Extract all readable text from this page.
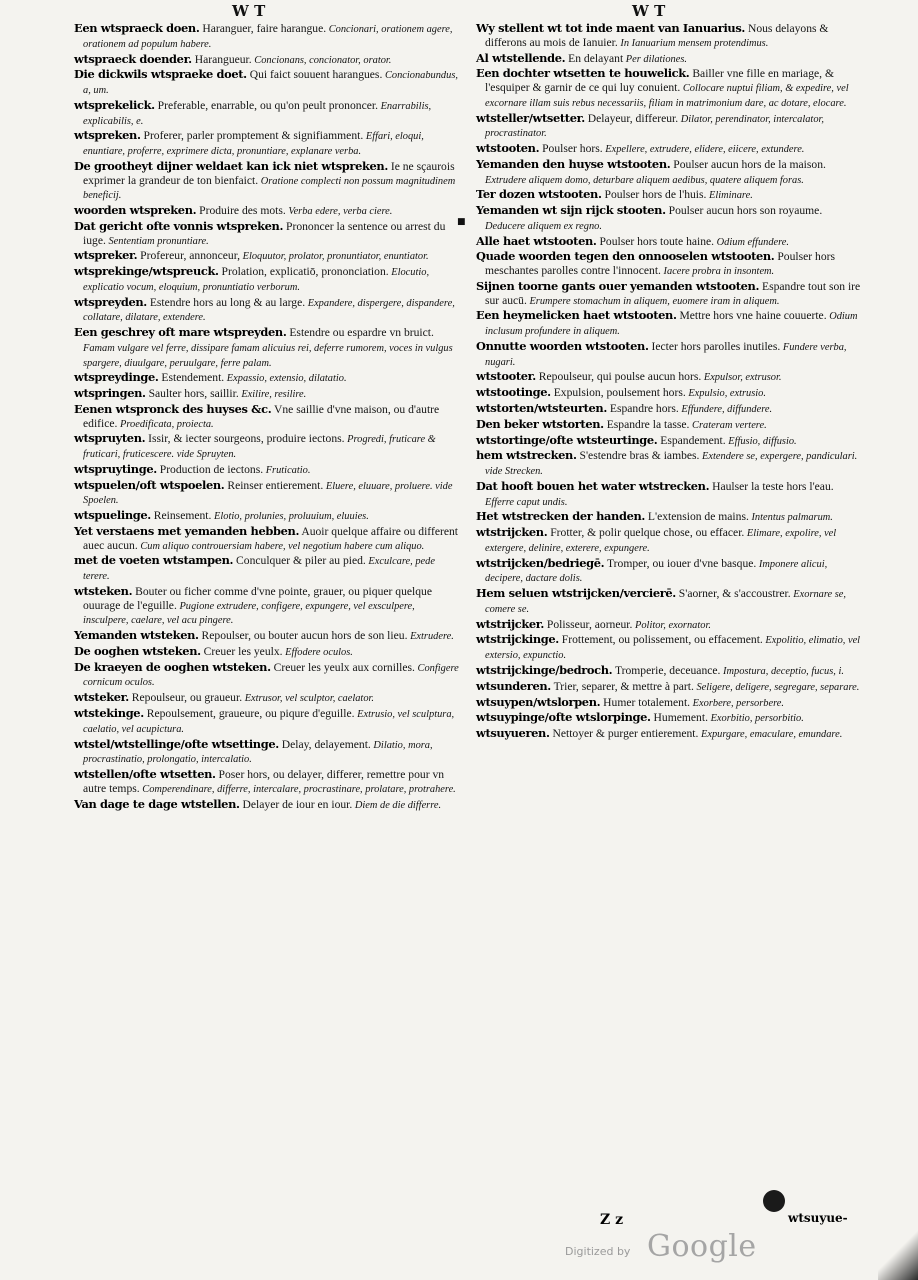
W T	W T
Een wtspraeck doen. Haranguer, faire harangue. Concionari, orationem agere, orationem ad populum habere.
wtspraeck doender. Harangueur. Concionans, concionator, orator.
Die dickwils wtspraeke doet. Qui faict souuent harangues. Concionabundus, a, um.
wtsprekelick. Preferable, enarrable, ou qu'on peult prononcer. Enarrabilis, explicabilis, e.
wtspreken. Proferer, parler promptement & signifiamment. Effari, eloqui, enuntiare, proferre, exprimere dicta, pronuntiare, explanare verba.
De grootheyt dijner weldaet kan ick niet wtspreken. Ie ne sçaurois exprimer la grandeur de ton bienfaict. Oratione complecti non possum magnitudinem beneficij.
woorden wtspreken. Produire des mots. Verba edere, verba ciere.
Dat gericht ofte vonnis wtspreken. Prononcer la sentence ou arrest du iuge. Sententiam pronuntiare.
wtspreker. Profereur, annonceur, Eloquutor, prolator, pronuntiator, enuntiator.
wtsprekinge/wtspreuck. Prolation, explicatiō, prononciation. Elocutio, explicatio vocum, eloquium, pronuntiatio verborum.
wtspreyden. Estendre hors au long & au large. Expandere, dispergere, dispandere, collatare, dilatare, extendere.
Een geschrey oft mare wtspreyden. Estendre ou espardre vn bruict. Famam vulgare vel ferre, dissipare famam alicuius rei, deferre rumorem, voces in vulgus spargere, diuulgare, peruulgare, ferre palam.
wtspreydinge. Estendement. Expassio, extensio, dilatatio.
wtspringen. Saulter hors, saillir. Exilire, resilire.
Eenen wtspronck des huyses &c. Vne saillie d'vne maison, ou d'autre edifice. Proedificata, proiecta.
wtspruyten. Issir, & iecter sourgeons, produire iectons. Progredi, fruticare & fruticari, fruticescere. vide Spruyten.
wtspruytinge. Production de iectons. Fruticatio.
wtspuelen/oft wtspoelen. Reinser entierement. Eluere, eluuare, proluere. vide Spoelen.
wtspuelinge. Reinsement. Elotio, prolunies, proluuium, eluuies.
Yet verstaens met yemanden hebben. Auoir quelque affaire ou different auec aucun. Cum aliquo controuersiam habere, vel negotium habere cum aliquo.
met de voeten wtstampen. Conculquer & piler au pied. Exculcare, pede terere.
wtsteken. Bouter ou ficher comme d'vne pointe, grauer, ou piquer quelque ouurage de l'eguille. Pugione extrudere, configere, expungere, vel exsculpere, insculpere, caelare, vel acu pingere.
Yemanden wtsteken. Repoulser, ou bouter aucun hors de son lieu. Extrudere.
De ooghen wtsteken. Creuer les yeulx. Effodere oculos.
De kraeyen de ooghen wtsteken. Creuer les yeulx aux cornilles. Configere cornicum oculos.
wtsteker. Repoulseur, ou graueur. Extrusor, vel sculptor, caelator.
wtstekinge. Repoulsement, graueure, ou piqure d'eguille. Extrusio, vel sculptura, caelatio, vel acupictura.
wtstel/wtstellinge/ofte wtsettinge. Delay, delayement. Dilatio, mora, procrastinatio, prolongatio, intercalatio.
wtstellen/ofte wtsetten. Poser hors, ou delayer, differer, remettre pour vn autre temps. Comperendinare, differre, intercalare, procrastinare, prolatare, protrahere.
Van dage te dage wtstellen. Delayer de iour en iour. Diem de die differre.
Wy stellent wt tot inde maent van Ianuarius. Nous delayons & differons au mois de Ianuier. In Ianuarium mensem protendimus.
Al wtstellende. En delayant Per dilationes.
Een dochter wtsetten te houwelick. Bailler vne fille en mariage, & l'esquiper & garnir de ce qui luy conuient. Collocare nuptui filiam, & expedire, vel excornare illam suis rebus necessariis, filiam in matrimonium dare, ac dotare, elocare.
wtsteller/wtsetter. Delayeur, differeur. Dilator, perendinator, intercalator, procrastinator.
wtstooten. Poulser hors. Expellere, extrudere, elidere, eiicere, extundere.
Yemanden den huyse wtstooten. Poulser aucun hors de la maison. Extrudere aliquem domo, deturbare aliquem aedibus, quatere aliquem foras.
Ter dozen wtstooten. Poulser hors de l'huis. Eliminare.
Yemanden wt sijn rijck stooten. Poulser aucun hors son royaume. Deducere aliquem ex regno.
Alle haet wtstooten. Poulser hors toute haine. Odium effundere.
Quade woorden tegen den onnooselen wtstooten. Poulser hors meschantes parolles contre l'innocent. Iacere probra in insontem.
Sijnen toorne gants ouer yemanden wtstooten. Espandre tout son ire sur aucū. Erumpere stomachum in aliquem, euomere iram in aliquem.
Een heymelicken haet wtstooten. Mettre hors vne haine couuerte. Odium inclusum profundere in aliquem.
Onnutte woorden wtstooten. Iecter hors parolles inutiles. Fundere verba, nugari.
wtstooter. Repoulseur, qui poulse aucun hors. Expulsor, extrusor.
wtstootinge. Expulsion, poulsement hors. Expulsio, extrusio.
wtstorten/wtsteurten. Espandre hors. Effundere, diffundere.
Den beker wtstorten. Espandre la tasse. Crateram vertere.
wtstortinge/ofte wtsteurtinge. Espandement. Effusio, diffusio.
hem wtstrecken. S'estendre bras & iambes. Extendere se, expergere, pandiculari. vide Strecken.
Dat hooft bouen het water wtstrecken. Haulser la teste hors l'eau. Efferre caput undis.
Het wtstrecken der handen. L'extension de mains. Intentus palmarum.
wtstrijcken. Frotter, & polir quelque chose, ou effacer. Elimare, expolire, vel extergere, delinire, exterere, expungere.
wtstrijcken/bedriegē. Tromper, ou iouer d'vne basque. Imponere alicui, decipere, dactare dolis.
Hem seluen wtstrijcken/vercierē. S'aorner, & s'accoustrer. Exornare se, comere se.
wtstrijcker. Polisseur, aorneur. Politor, exornator.
wtstrijckinge. Frottement, ou polissement, ou effacement. Expolitio, elimatio, vel extersio, expunctio.
wtstrijckinge/bedroch. Tromperie, deceuance. Impostura, deceptio, fucus, i.
wtsunderen. Trier, separer, & mettre à part. Seligere, deligere, segregare, separare.
wtsuypen/wtslorpen. Humer totalement. Exorbere, persorbere.
wtsuypinge/ofte wtslorpinge. Humement. Exorbitio, persorbitio.
wtsuyueren. Nettoyer & purger entierement. Expurgare, emaculare, emundare.
■
Z z	wtsuyue-
Digitized by Google
